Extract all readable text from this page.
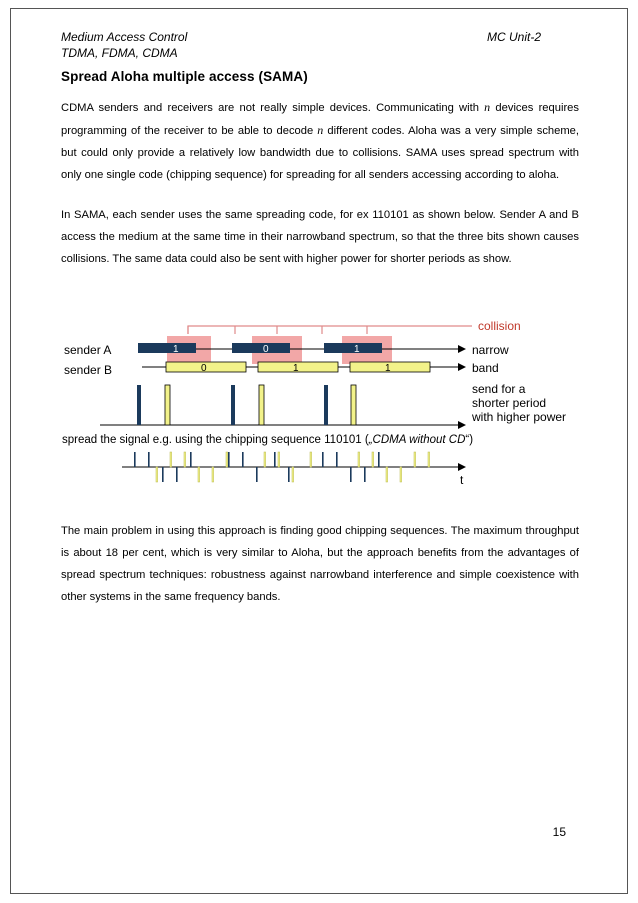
Medium Access Control
TDMA, FDMA, CDMA
MC Unit-2
Spread Aloha multiple access (SAMA)
CDMA senders and receivers are not really simple devices. Communicating with n devices requires programming of the receiver to be able to decode n different codes. Aloha was a very simple scheme, but could only provide a relatively low bandwidth due to collisions. SAMA uses spread spectrum with only one single code (chipping sequence) for spreading for all senders accessing according to aloha.
In SAMA, each sender uses the same spreading code, for ex 110101 as shown below. Sender A and B access the medium at the same time in their narrowband spectrum, so that the three bits shown causes collisions. The same data could also be sent with higher power for shorter periods as show.
collision
1	0	1
sender A
0	1	1
sender B
narrow
band
send for a
shorter period
with higher power
spread the signal e.g. using the chipping sequence 110101 („CDMA without CD“)
t
The main problem in using this approach is finding good chipping sequences. The maximum throughput is about 18 per cent, which is very similar to Aloha, but the approach benefits from the advantages of spread spectrum techniques: robustness against narrowband interference and simple coexistence with other systems in the same frequency bands.
15
